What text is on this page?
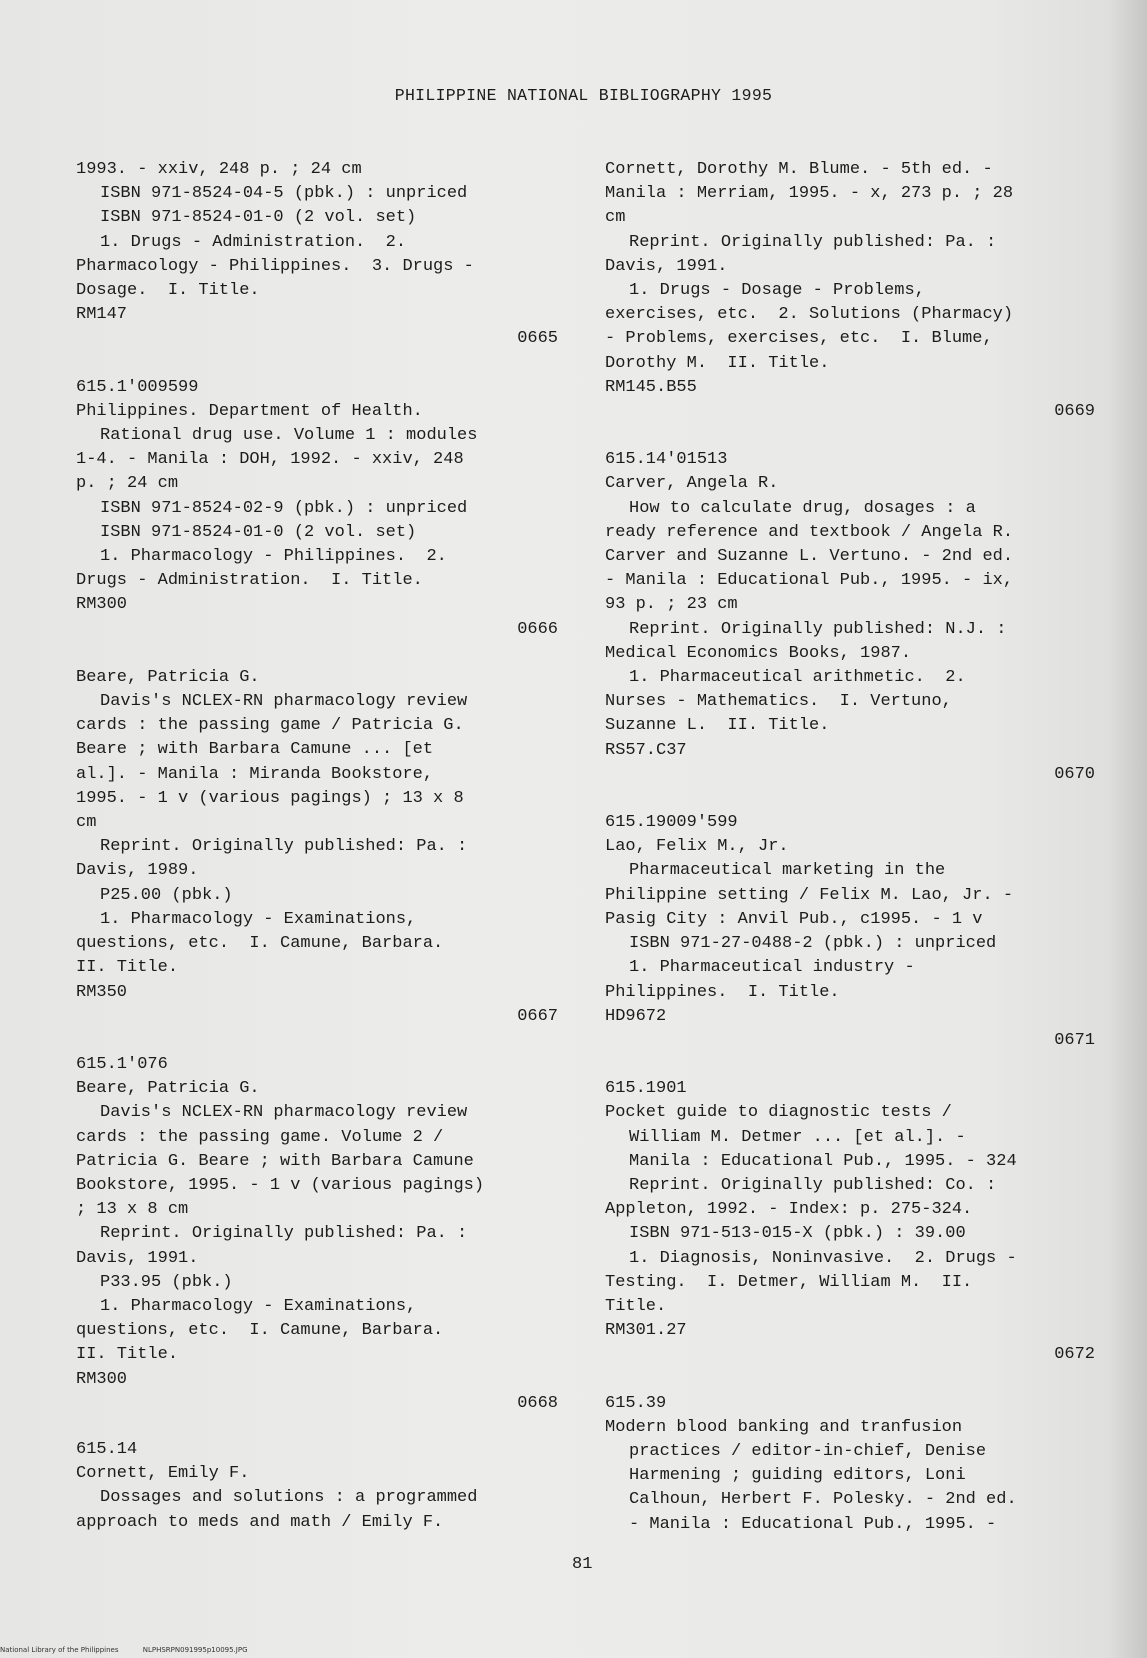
PHILIPPINE NATIONAL BIBLIOGRAPHY 1995
1993. - xxiv, 248 p. ; 24 cm
ISBN 971-8524-04-5 (pbk.) : unpriced
ISBN 971-8524-01-0 (2 vol. set)
1. Drugs - Administration.  2.
Pharmacology - Philippines.  3. Drugs -
Dosage.  I. Title.
RM147
0665
615.1'009599
Philippines. Department of Health.
Rational drug use. Volume 1 : modules
1-4. - Manila : DOH, 1992. - xxiv, 248
p. ; 24 cm
ISBN 971-8524-02-9 (pbk.) : unpriced
ISBN 971-8524-01-0 (2 vol. set)
1. Pharmacology - Philippines.  2.
Drugs - Administration.  I. Title.
RM300
0666
Beare, Patricia G.
Davis's NCLEX-RN pharmacology review
cards : the passing game / Patricia G.
Beare ; with Barbara Camune ... [et
al.]. - Manila : Miranda Bookstore,
1995. - 1 v (various pagings) ; 13 x 8
cm
Reprint. Originally published: Pa. :
Davis, 1989.
P25.00 (pbk.)
1. Pharmacology - Examinations,
questions, etc.  I. Camune, Barbara.
II. Title.
RM350
0667
615.1'076
Beare, Patricia G.
Davis's NCLEX-RN pharmacology review
cards : the passing game. Volume 2 /
Patricia G. Beare ; with Barbara Camune
Bookstore, 1995. - 1 v (various pagings)
; 13 x 8 cm
Reprint. Originally published: Pa. :
Davis, 1991.
P33.95 (pbk.)
1. Pharmacology - Examinations,
questions, etc.  I. Camune, Barbara.
II. Title.
RM300
0668
615.14
Cornett, Emily F.
Dossages and solutions : a programmed
approach to meds and math / Emily F.
Cornett, Dorothy M. Blume. - 5th ed. -
Manila : Merriam, 1995. - x, 273 p. ; 28
cm
Reprint. Originally published: Pa. :
Davis, 1991.
1. Drugs - Dosage - Problems,
exercises, etc.  2. Solutions (Pharmacy)
- Problems, exercises, etc.  I. Blume,
Dorothy M.  II. Title.
RM145.B55
0669
615.14'01513
Carver, Angela R.
How to calculate drug, dosages : a
ready reference and textbook / Angela R.
Carver and Suzanne L. Vertuno. - 2nd ed.
- Manila : Educational Pub., 1995. - ix,
93 p. ; 23 cm
Reprint. Originally published: N.J. :
Medical Economics Books, 1987.
1. Pharmaceutical arithmetic.  2.
Nurses - Mathematics.  I. Vertuno,
Suzanne L.  II. Title.
RS57.C37
0670
615.19009'599
Lao, Felix M., Jr.
Pharmaceutical marketing in the
Philippine setting / Felix M. Lao, Jr. -
Pasig City : Anvil Pub., c1995. - 1 v
ISBN 971-27-0488-2 (pbk.) : unpriced
1. Pharmaceutical industry -
Philippines.  I. Title.
HD9672
0671
615.1901
Pocket guide to diagnostic tests /
William M. Detmer ... [et al.]. -
Manila : Educational Pub., 1995. - 324
Reprint. Originally published: Co. :
Appleton, 1992. - Index: p. 275-324.
ISBN 971-513-015-X (pbk.) : 39.00
1. Diagnosis, Noninvasive.  2. Drugs -
Testing.  I. Detmer, William M.  II.
Title.
RM301.27
0672
615.39
Modern blood banking and tranfusion
practices / editor-in-chief, Denise
Harmening ; guiding editors, Loni
Calhoun, Herbert F. Polesky. - 2nd ed.
- Manila : Educational Pub., 1995. -
81
National Library of the Philippines	NLPHSRPN091995p10095.JPG
